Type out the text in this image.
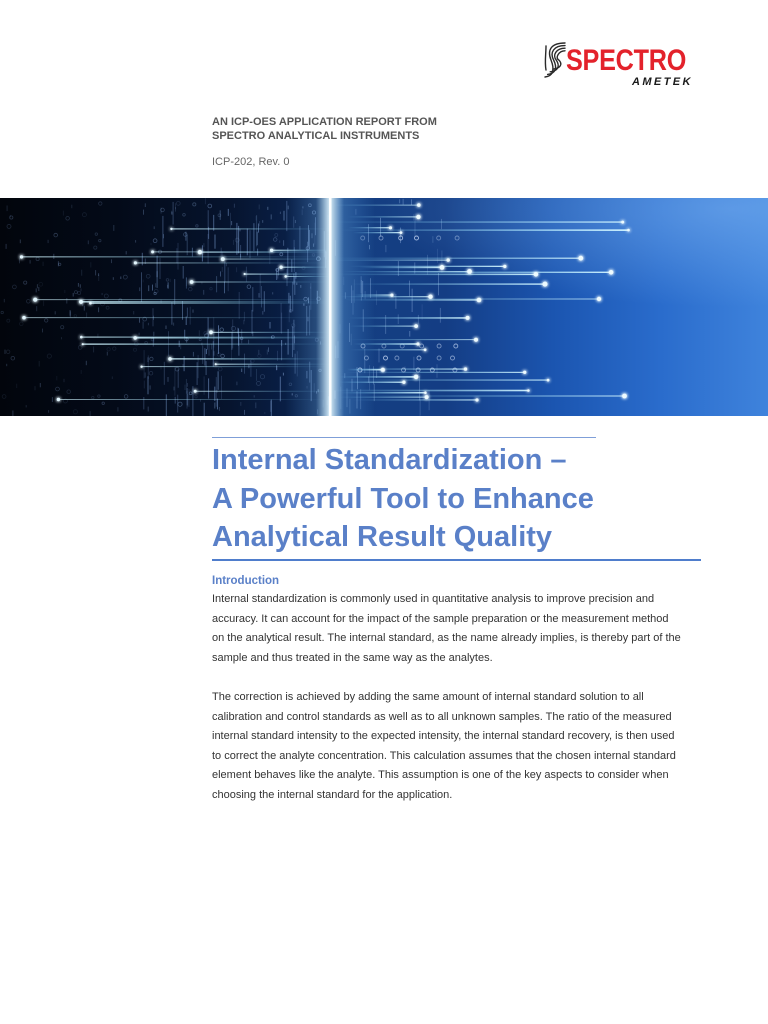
SPECTRO
AMETEK
AN ICP-OES APPLICATION REPORT FROM
SPECTRO ANALYTICAL INSTRUMENTS
ICP-202, Rev. 0
Internal Standardization –
A Powerful Tool to Enhance
Analytical Result Quality
Introduction
Internal standardization is commonly used in quantitative analysis to improve precision and
accuracy. It can account for the impact of the sample preparation or the measurement method
on the analytical result. The internal standard, as the name already implies, is thereby part of the
sample and thus treated in the same way as the analytes.
The correction is achieved by adding the same amount of internal standard solution to all
calibration and control standards as well as to all unknown samples. The ratio of the measured
internal standard intensity to the expected intensity, the internal standard recovery, is then used
to correct the analyte concentration. This calculation assumes that the chosen internal standard
element behaves like the analyte. This assumption is one of the key aspects to consider when
choosing the internal standard for the application.
